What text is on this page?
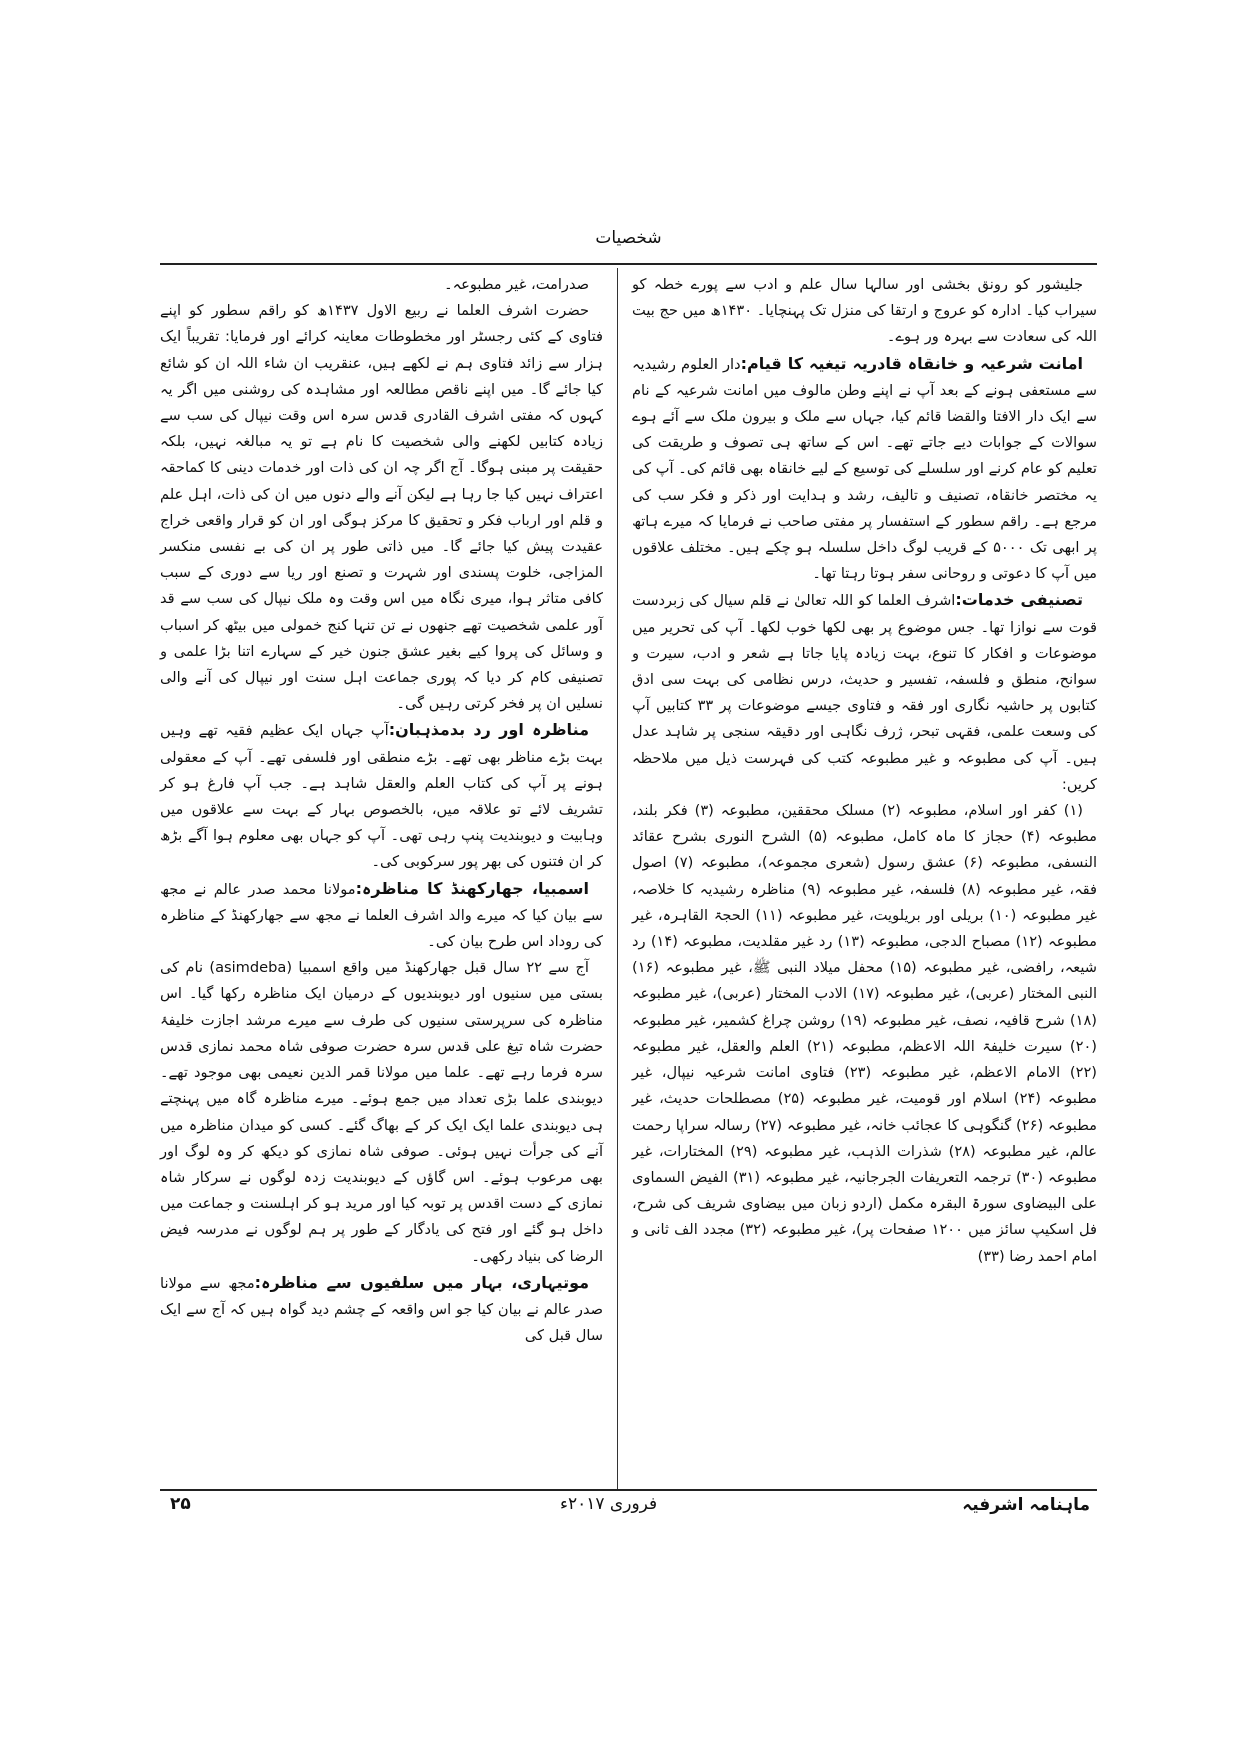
شخصیات

جلیشور کو رونق بخشی اور سالہا سال علم و ادب سے پورے خطہ کو سیراب کیا۔ ادارہ کو عروج و ارتقا کی منزل تک پہنچایا۔ ۱۴۳۰ھ میں حج بیت اللہ کی سعادت سے بہرہ ور ہوے۔

امانت شرعیہ و خانقاہ قادریہ تیغیہ کا قیام:دار العلوم رشیدیہ سے مستعفی ہونے کے بعد آپ نے اپنے وطن مالوف میں امانت شرعیہ کے نام سے ایک دار الافتا والقضا قائم کیا، جہاں سے ملک و بیرون ملک سے آئے ہوے سوالات کے جوابات دیے جاتے تھے۔ اس کے ساتھ ہی تصوف و طریقت کی تعلیم کو عام کرنے اور سلسلے کی توسیع کے لیے خانقاہ بھی قائم کی۔ آپ کی یہ مختصر خانقاہ، تصنیف و تالیف، رشد و ہدایت اور ذکر و فکر سب کی مرجع ہے۔ راقم سطور کے استفسار پر مفتی صاحب نے فرمایا کہ میرے ہاتھ پر ابھی تک ۵۰۰۰ کے قریب لوگ داخل سلسلہ ہو چکے ہیں۔ مختلف علاقوں میں آپ کا دعوتی و روحانی سفر ہوتا رہتا تھا۔

تصنیفی خدمات:اشرف العلما کو اللہ تعالیٰ نے قلم سیال کی زبردست قوت سے نوازا تھا۔ جس موضوع پر بھی لکھا خوب لکھا۔ آپ کی تحریر میں موضوعات و افکار کا تنوع، بہت زیادہ پایا جاتا ہے شعر و ادب، سیرت و سوانح، منطق و فلسفہ، تفسیر و حدیث، درس نظامی کی بہت سی ادق کتابوں پر حاشیہ نگاری اور فقہ و فتاوی جیسے موضوعات پر ۳۳ کتابیں آپ کی وسعت علمی، فقہی تبحر، ژرف نگاہی اور دقیقہ سنجی پر شاہد عدل ہیں۔ آپ کی مطبوعہ و غیر مطبوعہ کتب کی فہرست ذیل میں ملاحظہ کریں:

(۱) کفر اور اسلام، مطبوعہ (۲) مسلک محققین، مطبوعہ (۳) فکر بلند، مطبوعہ (۴) حجاز کا ماہ کامل، مطبوعہ (۵) الشرح النوری بشرح عقائد النسفی، مطبوعہ (۶) عشق رسول (شعری مجموعہ)، مطبوعہ (۷) اصول فقہ، غیر مطبوعہ (۸) فلسفہ، غیر مطبوعہ (۹) مناظرہ رشیدیہ کا خلاصہ، غیر مطبوعہ (۱۰) بریلی اور بریلویت، غیر مطبوعہ (۱۱) الحجۃ القاہرہ، غیر مطبوعہ (۱۲) مصباح الدجی، مطبوعہ (۱۳) رد غیر مقلدیت، مطبوعہ (۱۴) رد شیعہ، رافضی، غیر مطبوعہ (۱۵) محفل میلاد النبی ﷺ، غیر مطبوعہ (۱۶) النبی المختار (عربی)، غیر مطبوعہ (۱۷) الادب المختار (عربی)، غیر مطبوعہ (۱۸) شرح قافیہ، نصف، غیر مطبوعہ (۱۹) روشن چراغ کشمیر، غیر مطبوعہ (۲۰) سیرت خلیفۃ اللہ الاعظم، مطبوعہ (۲۱) العلم والعقل، غیر مطبوعہ (۲۲) الامام الاعظم، غیر مطبوعہ (۲۳) فتاوی امانت شرعیہ نیپال، غیر مطبوعہ (۲۴) اسلام اور قومیت، غیر مطبوعہ (۲۵) مصطلحات حدیث، غیر مطبوعہ (۲۶) گنگوہی کا عجائب خانہ، غیر مطبوعہ (۲۷) رسالہ سراپا رحمت عالم، غیر مطبوعہ (۲۸) شذرات الذہب، غیر مطبوعہ (۲۹) المختارات، غیر مطبوعہ (۳۰) ترجمہ التعریفات الجرجانیہ، غیر مطبوعہ (۳۱) الفیض السماوی علی البیضاوی سورۃ البقرہ مکمل (اردو زبان میں بیضاوی شریف کی شرح، فل اسکیپ سائز میں ۱۲۰۰ صفحات پر)، غیر مطبوعہ (۳۲) مجدد الف ثانی و امام احمد رضا (۳۳)

صدرامت، غیر مطبوعہ۔

حضرت اشرف العلما نے ربیع الاول ۱۴۳۷ھ کو راقم سطور کو اپنے فتاوی کے کئی رجسٹر اور مخطوطات معاینہ کرائے اور فرمایا: تقریباً ایک ہزار سے زائد فتاوی ہم نے لکھے ہیں، عنقریب ان شاء اللہ ان کو شائع کیا جائے گا۔ میں اپنے ناقص مطالعہ اور مشاہدہ کی روشنی میں اگر یہ کہوں کہ مفتی اشرف القادری قدس سرہ اس وقت نیپال کی سب سے زیادہ کتابیں لکھنے والی شخصیت کا نام ہے تو یہ مبالغہ نہیں، بلکہ حقیقت پر مبنی ہوگا۔ آج اگر چہ ان کی ذات اور خدمات دینی کا کماحقہ اعتراف نہیں کیا جا رہا ہے لیکن آنے والے دنوں میں ان کی ذات، اہل علم و قلم اور ارباب فکر و تحقیق کا مرکز ہوگی اور ان کو قرار واقعی خراج عقیدت پیش کیا جائے گا۔ میں ذاتی طور پر ان کی بے نفسی منکسر المزاجی، خلوت پسندی اور شہرت و تصنع اور ریا سے دوری کے سبب کافی متاثر ہوا، میری نگاہ میں اس وقت وہ ملک نیپال کی سب سے قد آور علمی شخصیت تھے جنھوں نے تن تنہا کنج خمولی میں بیٹھ کر اسباب و وسائل کی پروا کیے بغیر عشق جنون خیر کے سہارے اتنا بڑا علمی و تصنیفی کام کر دیا کہ پوری جماعت اہل سنت اور نیپال کی آنے والی نسلیں ان پر فخر کرتی رہیں گی۔

مناظرہ اور رد بدمذہبان:آپ جہاں ایک عظیم فقیہ تھے وہیں بہت بڑے مناظر بھی تھے۔ بڑے منطقی اور فلسفی تھے۔ آپ کے معقولی ہونے پر آپ کی کتاب العلم والعقل شاہد ہے۔ جب آپ فارغ ہو کر تشریف لائے تو علاقہ میں، بالخصوص بہار کے بہت سے علاقوں میں وہابیت و دیوبندیت پنپ رہی تھی۔ آپ کو جہاں بھی معلوم ہوا آگے بڑھ کر ان فتنوں کی بھر پور سرکوبی کی۔

اسمبیا، جھارکھنڈ کا مناظرہ:مولانا محمد صدر عالم نے مجھ سے بیان کیا کہ میرے والد اشرف العلما نے مجھ سے جھارکھنڈ کے مناظرہ کی روداد اس طرح بیان کی۔

آج سے ۲۲ سال قبل جھارکھنڈ میں واقع اسمبیا (asimdeba) نام کی بستی میں سنیوں اور دیوبندیوں کے درمیان ایک مناظرہ رکھا گیا۔ اس مناظرہ کی سرپرستی سنیوں کی طرف سے میرے مرشد اجازت خلیفۂ حضرت شاہ تیغ علی قدس سرہ حضرت صوفی شاہ محمد نمازی قدس سرہ فرما رہے تھے۔ علما میں مولانا قمر الدین نعیمی بھی موجود تھے۔ دیوبندی علما بڑی تعداد میں جمع ہوئے۔ میرے مناظرہ گاہ میں پہنچتے ہی دیوبندی علما ایک ایک کر کے بھاگ گئے۔ کسی کو میدان مناظرہ میں آنے کی جرأت نہیں ہوئی۔ صوفی شاہ نمازی کو دیکھ کر وہ لوگ اور بھی مرعوب ہوئے۔ اس گاؤں کے دیوبندیت زدہ لوگوں نے سرکار شاہ نمازی کے دست اقدس پر توبہ کیا اور مرید ہو کر اہلسنت و جماعت میں داخل ہو گئے اور فتح کی یادگار کے طور پر ہم لوگوں نے مدرسہ فیض الرضا کی بنیاد رکھی۔

موتیہاری، بہار میں سلفیوں سے مناظرہ:مجھ سے مولانا صدر عالم نے بیان کیا جو اس واقعہ کے چشم دید گواہ ہیں کہ آج سے ایک سال قبل کی

۲۵	فروری ۲۰۱۷ء	ماہنامہ اشرفیہ
